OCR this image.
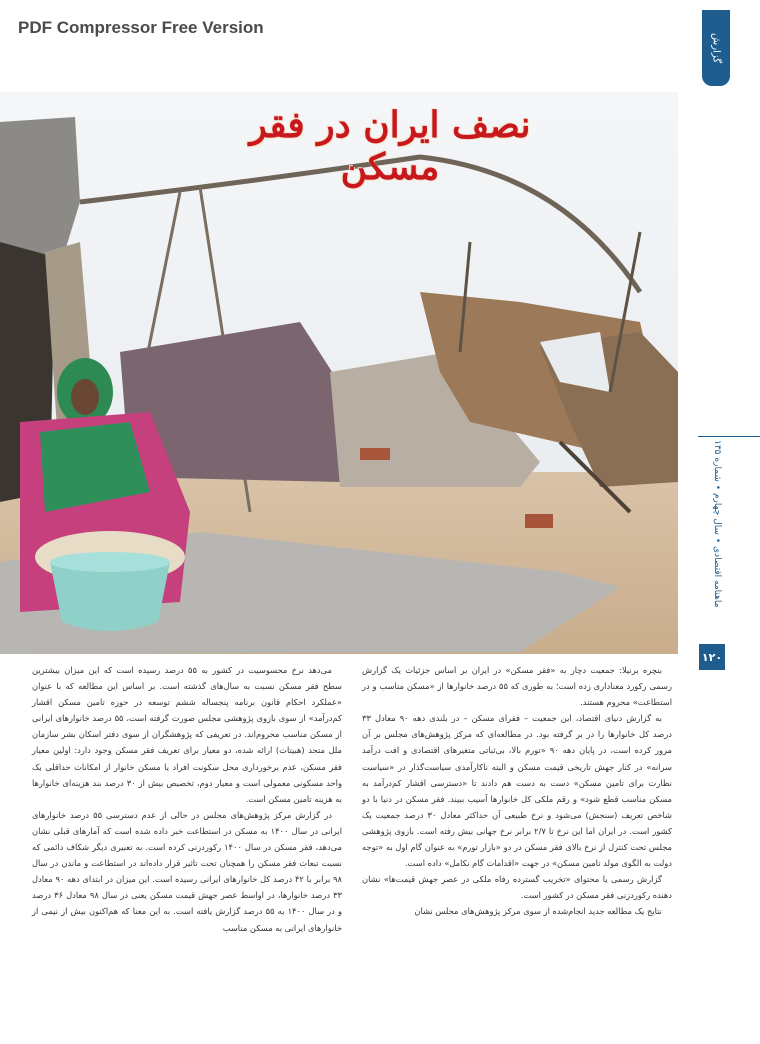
PDF Compressor Free Version
گزارش
نصف ایران در فقر مسکن
ماهنامه اقتصادی • سال چهارم • شماره ۱۳۵
۱۲۰

بنچره برنیلا: جمعیت دچار به «فقر مسکن» در ایران بر اساس جزئیات یک گزارش رسمی رکورد معناداری زده است؛ به طوری که ۵۵ درصد خانوارها از «مسکن مناسب و در استطاعت» محروم هستند.

به گزارش دنیای اقتصاد، این جمعیت – فقرای مسکن – در بلندی دهه ۹۰ معادل ۳۳ درصد کل خانوارها را در بر گرفته بود. در مطالعه‌ای که مرکز پژوهش‌های مجلس بر آن مرور کرده است، در پایان دهه ۹۰ «تورم بالا، بی‌ثباتی متغیرهای اقتصادی و افت درآمد سرانه» در کنار جهش تاریخی قیمت مسکن و البته ناکارآمدی سیاست‌گذار در «سیاست نظارت برای تامین مسکن» دست به دست هم دادند تا «دسترسی اقشار کم‌درآمد به مسکن مناسب قطع شود» و رقم ملکی کل خانوارها آسیب ببیند. فقر مسکن در دنیا با دو شاخص تعریف (سنجش) می‌شود و نرخ طبیعی آن حداکثر معادل ۳۰ درصد جمعیت یک کشور است. در ایران اما این نرخ تا ۲/۷ برابر نرخ جهانی بیش رفته است. بازوی پژوهشی مجلس تحت کنترل از نرخ بالای فقر مسکن در دو «بازار تورم» به عنوان گام اول به «توجه دولت به الگوی مولد تامین مسکن» در جهت «اقدامات گام نکامل» داده است.

گزارش رسمی یا محتوای «تخریب گسترده رفاه ملکی در عصر جهش قیمت‌ها» نشان دهنده رکوردزنی فقر مسکن در کشور است.

نتایج یک مطالعه جدید انجام‌شده از سوی مرکز پژوهش‌های مجلس نشان

می‌دهد نرخ محسوسیت در کشور به ۵۵ درصد رسیده است که این میزان بیشترین سطح فقر مسکن نسبت به سال‌های گذشته است. بر اساس این مطالعه که با عنوان «عملکرد احکام قانون برنامه پنجساله ششم توسعه در حوزه تامین مسکن اقشار کم‌درآمد» از سوی بازوی پژوهشی مجلس صورت گرفته است، ۵۵ درصد خانوارهای ایرانی از مسکن مناسب محروم‌اند. در تعریفی که پژوهشگران از سوی دفتر اسکان بشر سازمان ملل متحد (هبیتات) ارائه شده، دو معیار برای تعریف فقر مسکن وجود دارد: اولین معیار فقر مسکن، عدم برخورداری محل سکونت افراد یا مسکن خانوار از امکانات حداقلی یک واحد مسکونی معمولی است و معیار دوم، تخصیص بیش از ۳۰ درصد بند هزینه‌ای خانوارها به هزینه تامین مسکن است.

در گزارش مرکز پژوهش‌های مجلس در حالی از عدم دسترسی ۵۵ درصد خانوارهای ایرانی در سال ۱۴۰۰ به مسکن در استطاعت خبر داده شده است که آمارهای قبلی نشان می‌دهد، فقر مسکن در سال ۱۴۰۰ رکوردزنی کرده است. به تعبیری دیگر شکاف دائمی که نسبت تبعات فقر مسکن را همچنان تحت تاثیر قرار داده‌اند در استطاعت و ماندن در سال ۹۸ برابر با ۴۲ درصد کل خانوارهای ایرانی رسیده است. این میزان در ابتدای دهه ۹۰ معادل ۳۳ درصد خانوارها، در اواسط عصر جهش قیمت مسکن یعنی در سال ۹۸ معادل ۳۶ درصد و در سال ۱۴۰۰ به ۵۵ درصد گزارش یافته است. به این معنا که هم‌اکنون بیش از نیمی از خانوارهای ایرانی به مسکن مناسب
